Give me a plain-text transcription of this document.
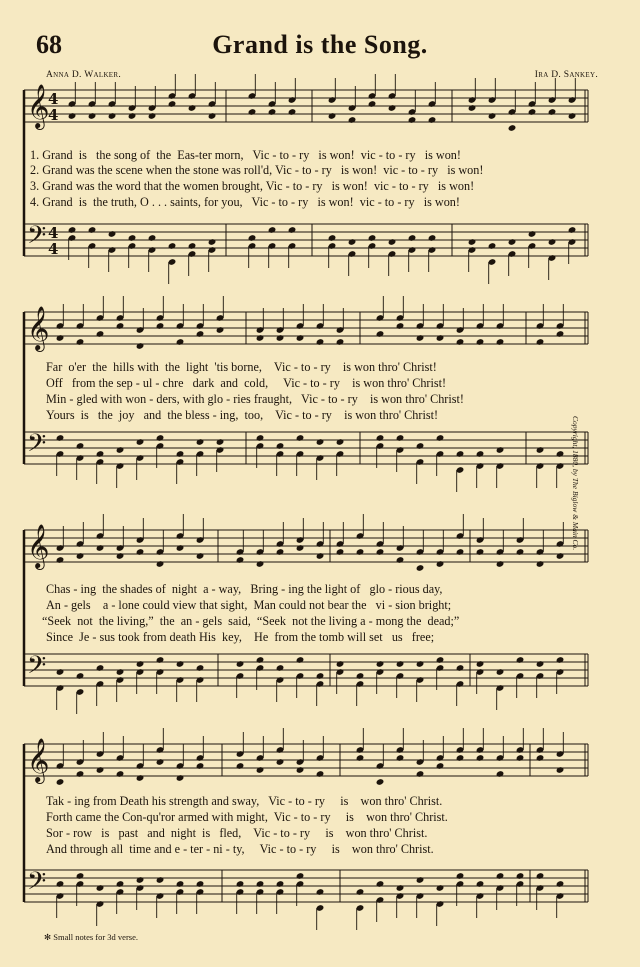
68	Grand is the Song.
Anna D. Walker.	Ira D. Sankey.
𝄞
𝄢
4
4
4
4
𝄞
𝄢
𝄞
𝄢
𝄞
𝄢
1. Grand  is   the song of  the  Eas-ter morn,   Vic - to - ry   is won!  vic - to - ry   is won!
2. Grand was the scene when the stone was roll'd, Vic - to - ry   is won!  vic - to - ry   is won!
3. Grand was the word that the women brought, Vic - to - ry   is won!  vic - to - ry   is won!
4. Grand  is  the truth, O . . . saints, for you,   Vic - to - ry   is won!  vic - to - ry   is won!
Far  o'er  the  hills with  the  light  'tis borne,    Vic - to - ry    is won thro' Christ!
Off   from the sep - ul - chre   dark  and  cold,     Vic - to - ry    is won thro' Christ!
Min - gled with won - ders, with glo - ries fraught,   Vic - to - ry    is won thro' Christ!
Yours  is   the  joy   and  the bless - ing,  too,    Vic - to - ry    is won thro' Christ!
Chas - ing  the shades of  night  a - way,   Bring - ing the light of   glo - rious day,
An - gels    a - lone could view that sight,  Man could not bear the   vi - sion bright;
“Seek  not  the living,”  the  an - gels  said,  “Seek  not the living a - mong the  dead;”
Since  Je - sus took from death His  key,    He  from the tomb will set   us   free;
Tak - ing from Death his strength and sway,   Vic - to - ry     is    won thro' Christ.
Forth came the Con-qu'ror armed with might,  Vic - to - ry     is    won thro' Christ.
Sor - row   is   past   and  night  is   fled,    Vic - to - ry     is    won thro' Christ.
And through all  time and e - ter - ni - ty,     Vic - to - ry     is    won thro' Christ.
Copyright, 1880, by The Biglow & Main Co.
✻ Small notes for 3d verse.
